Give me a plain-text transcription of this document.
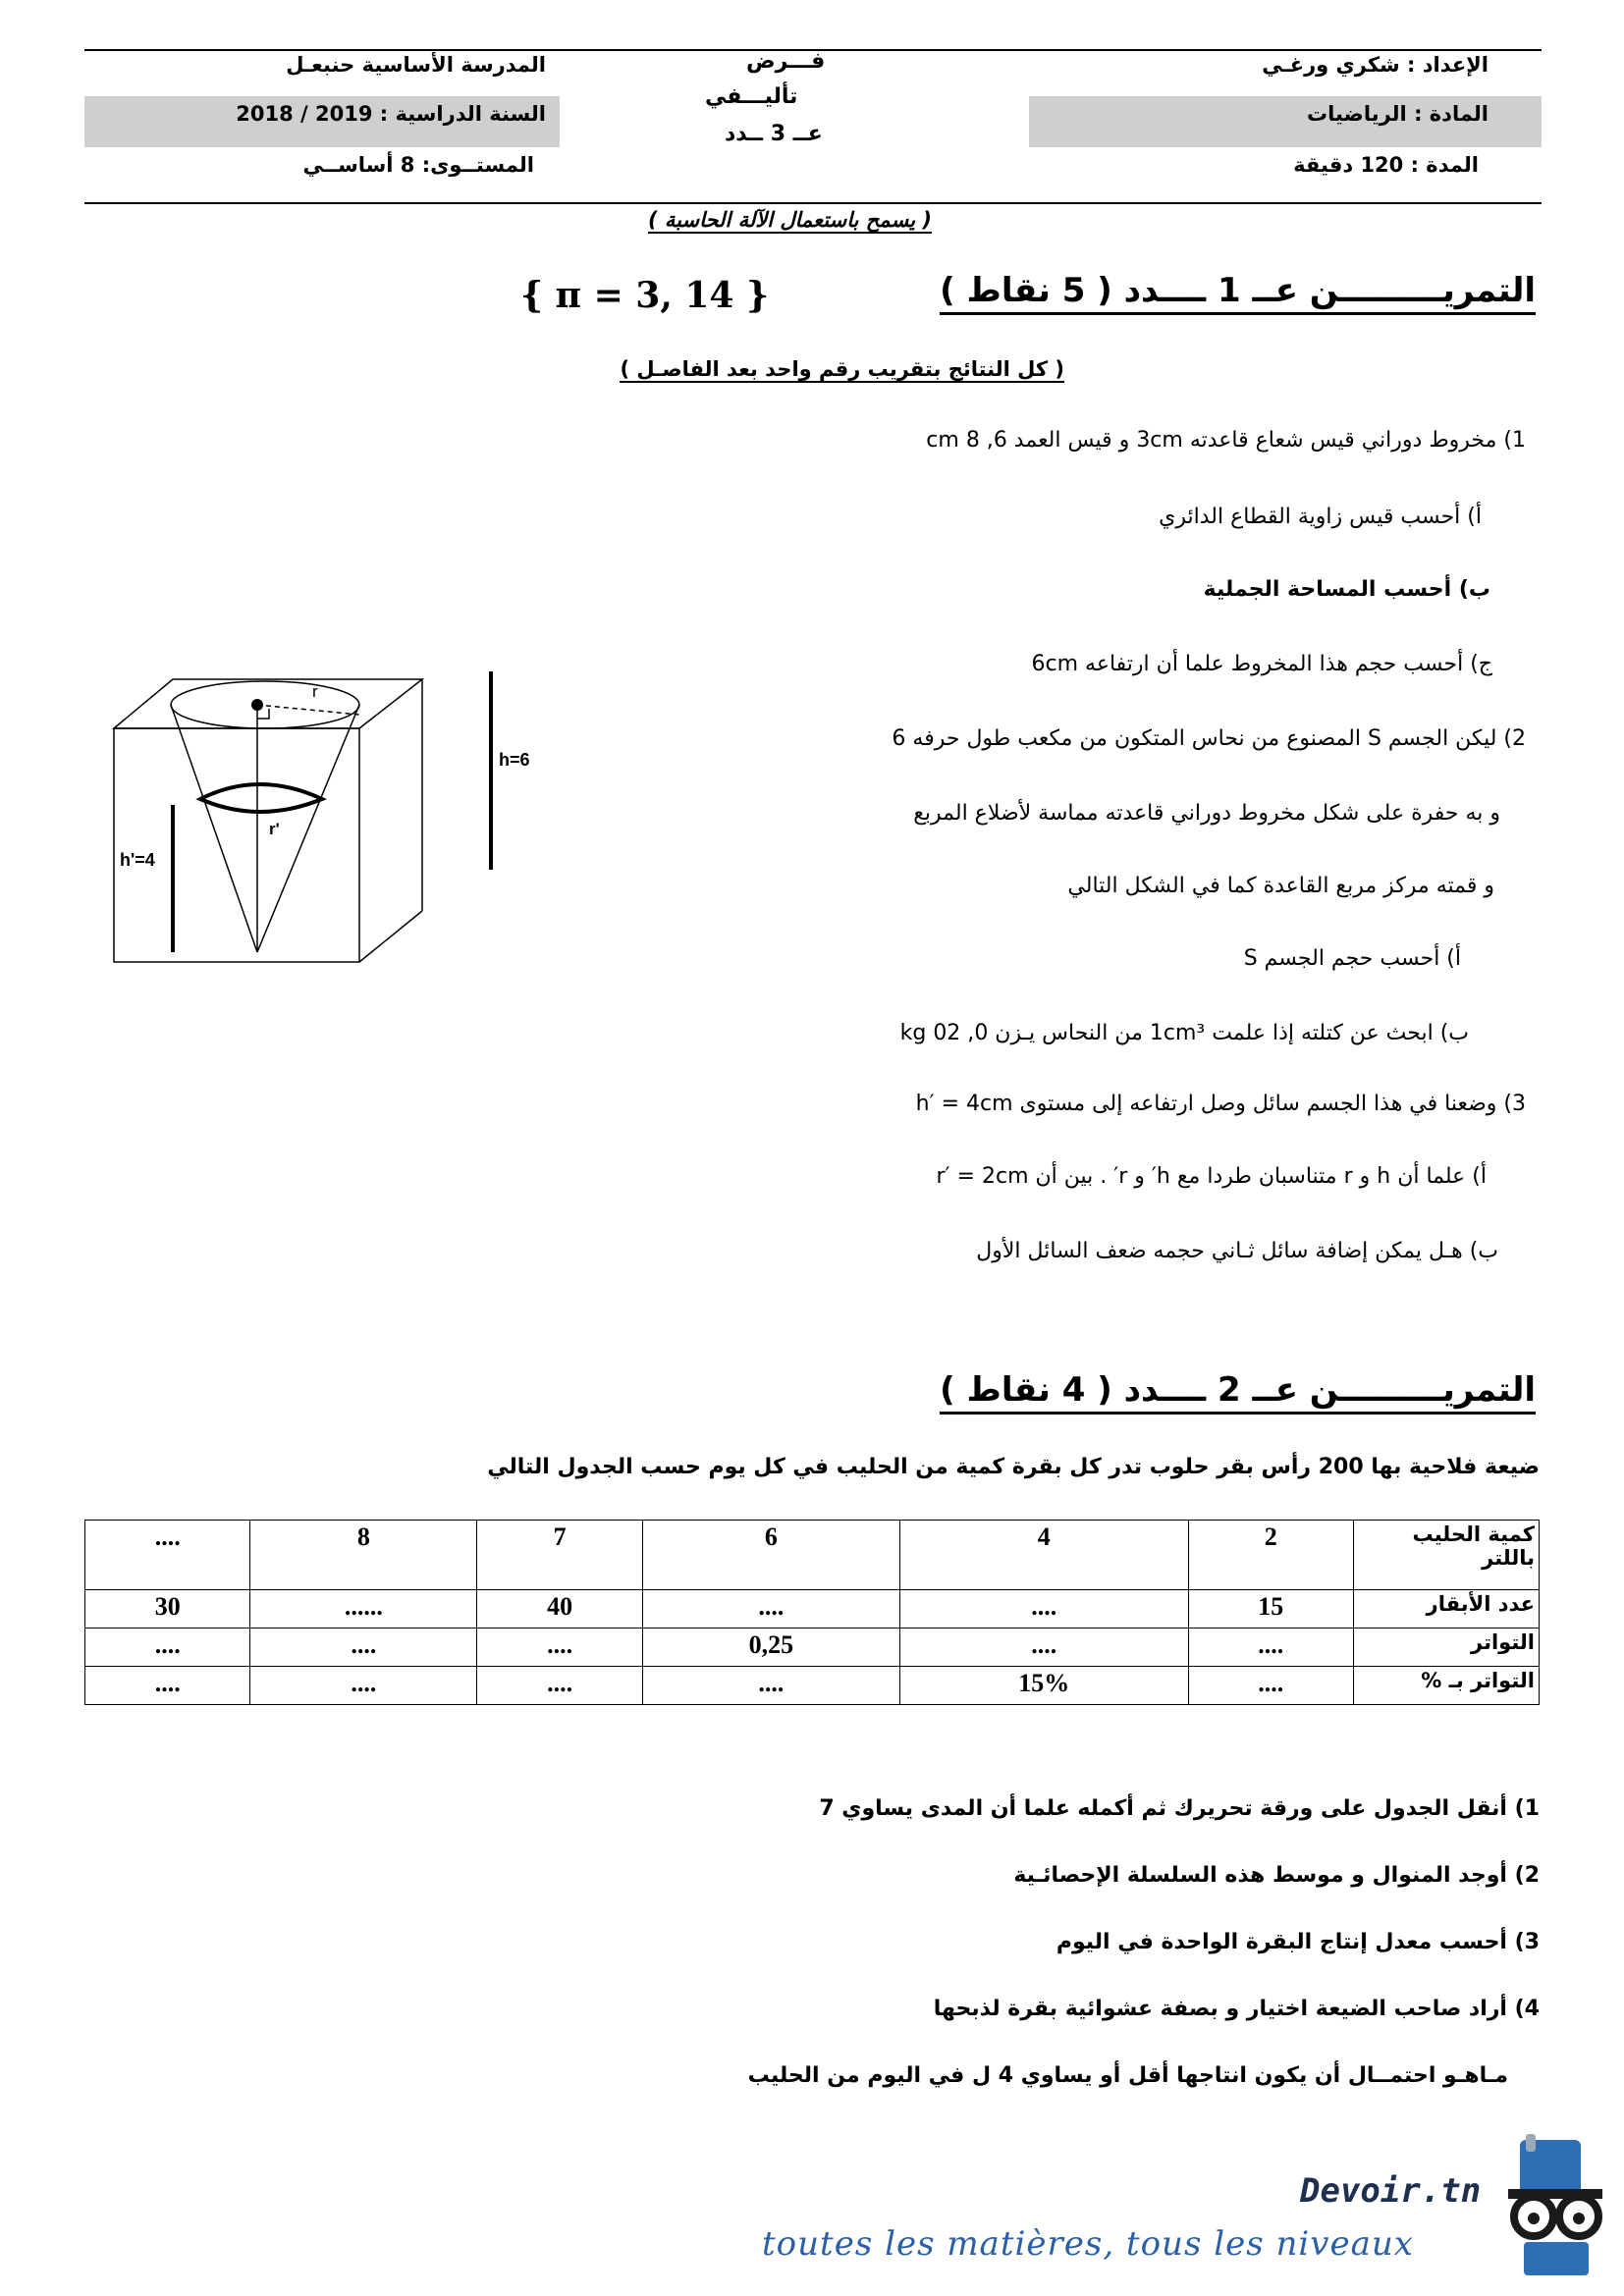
المدرسة الأساسية حنبعـل
السنة الدراسية : 2019 / 2018
المستــوى: 8 أساســي
فـــرض
تأليـــفي
عــ 3 ــدد
الإعداد : شكري ورغـي
المادة : الرياضيات
المدة : 120 دقيقة
( يسمح باستعمال الآلة الحاسبة )
التمريـــــــــن عــ 1 ــــدد ( 5 نقاط )
{ π = 3, 14 }
( كل النتائج بتقريب رقم واحد بعد الفاصـل )
1) مخروط دوراني قيس شعاع قاعدته 3cm و قيس العمد 6, 8 cm
أ) أحسب قيس زاوية القطاع الدائري
ب) أحسب المساحة الجملية
ج) أحسب حجم هذا المخروط علما أن ارتفاعه 6cm
2) ليكن الجسم S المصنوع من نحاس المتكون من مكعب طول حرفه 6
و به حفرة على شكل مخروط دوراني قاعدته مماسة لأضلاع المربع
و قمته مركز مربع القاعدة كما في الشكل التالي
أ) أحسب حجم الجسم S
ب) ابحث عن كتلته إذا علمت 1cm³ من النحاس يـزن 0, 02 kg
3) وضعنا في هذا الجسم سائل وصل ارتفاعه إلى مستوى h′ = 4cm
أ) علما أن h و r متناسبان طردا مع h′ و r′ . بين أن r′ = 2cm
ب) هـل يمكن إضافة سائل ثـاني حجمه ضعف السائل الأول
r
r'
h=6
h'=4
التمريـــــــــن عــ 2 ــــدد ( 4 نقاط )
ضيعة فلاحية بها 200 رأس بقر حلوب تدر كل بقرة كمية من الحليب في كل يوم حسب الجدول التالي
....	8	7	6	4	2	كمية الحليب باللتر
30	......	40	....	....	15	عدد الأبقار
....	....	....	0,25	....	....	التواتر
....	....	....	....	15%	....	التواتر بـ %
1) أنقل الجدول على ورقة تحريرك ثم أكمله علما أن المدى يساوي 7
2) أوجد المنوال و موسط هذه السلسلة الإحصائـية
3) أحسب معدل إنتاج البقرة الواحدة في اليوم
4) أراد صاحب الضيعة اختيار و بصفة عشوائية بقرة لذبحها
مـاهـو احتمــال أن يكون انتاجها أقل أو يساوي 4 ل في اليوم من الحليب
Devoir.tn
toutes les matières, tous les niveaux
